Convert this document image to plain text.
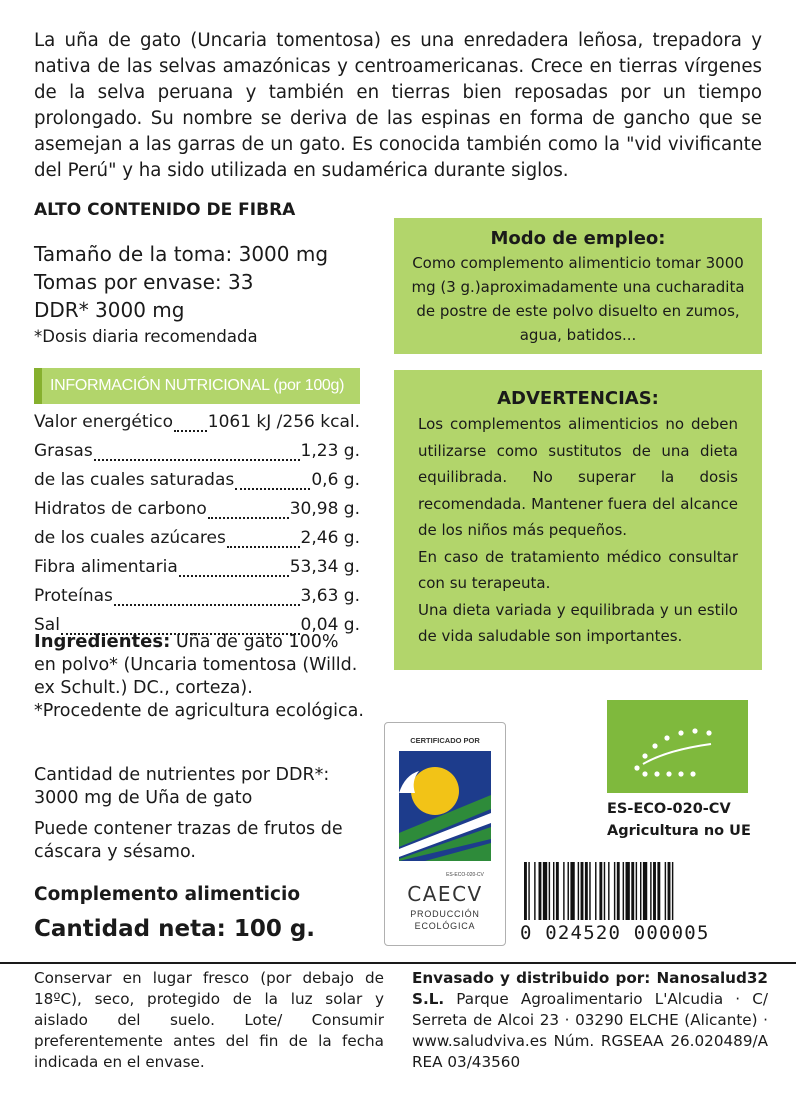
La uña de gato (Uncaria tomentosa) es una enredadera leñosa, trepadora y nativa de las selvas amazónicas y centroamericanas. Crece en tierras vírgenes de la selva peruana y también en tierras bien reposadas por un tiempo prolongado. Su nombre se deriva de las espinas en forma de gancho que se asemejan a las garras de un gato. Es conocida también como la "vid vivificante del Perú" y ha sido utilizada en sudamérica durante siglos.
ALTO CONTENIDO DE FIBRA
Tamaño de la toma: 3000 mg
Tomas por envase: 33
DDR* 3000 mg
*Dosis diaria recomendada
INFORMACIÓN NUTRICIONAL (por 100g)
Valor energético 1061 kJ /256 kcal.
Grasas	1,23 g.
de las cuales saturadas	0,6 g.
Hidratos de carbono	30,98 g.
de los cuales azúcares	2,46 g.
Fibra alimentaria	53,34 g.
Proteínas	3,63 g.
Sal	0,04 g.
Ingredientes: Uña de gato 100% en polvo* (Uncaria tomentosa (Willd. ex Schult.) DC., corteza). *Procedente de agricultura ecológica.
Cantidad de nutrientes por DDR*: 3000 mg de Uña de gato
Puede contener trazas de frutos de cáscara y sésamo.
Complemento alimenticio
Cantidad neta: 100 g.
Modo de empleo:

Como complemento alimenticio tomar 3000 mg (3 g.)aproximadamente una cucharadita de postre de este polvo disuelto en zumos, agua, batidos...

ADVERTENCIAS:

Los complementos alimenticios no deben utilizarse como sustitutos de una dieta equilibrada. No superar la dosis recomendada. Mantener fuera del alcance de los niños más pequeños.

En caso de tratamiento médico consultar con su terapeuta.

Una dieta variada y equilibrada y un estilo de vida saludable son importantes.

CERTIFICADO POR
ES-ECO-020-CV
CAECV
PRODUCCIÓN
ECOLÓGICA
ES-ECO-020-CV
Agricultura no UE
0 024520 000005
Conservar en lugar fresco (por debajo de 18ºC), seco, protegido de la luz solar y aislado del suelo. Lote/ Consumir preferentemente antes del fin de la fecha indicada en el envase.
Envasado y distribuido por: Nanosalud32 S.L. Parque Agroalimentario L'Alcudia · C/ Serreta de Alcoi 23 · 03290 ELCHE (Alicante) · www.saludviva.es Núm. RGSEAA 26.020489/A REA 03/43560
